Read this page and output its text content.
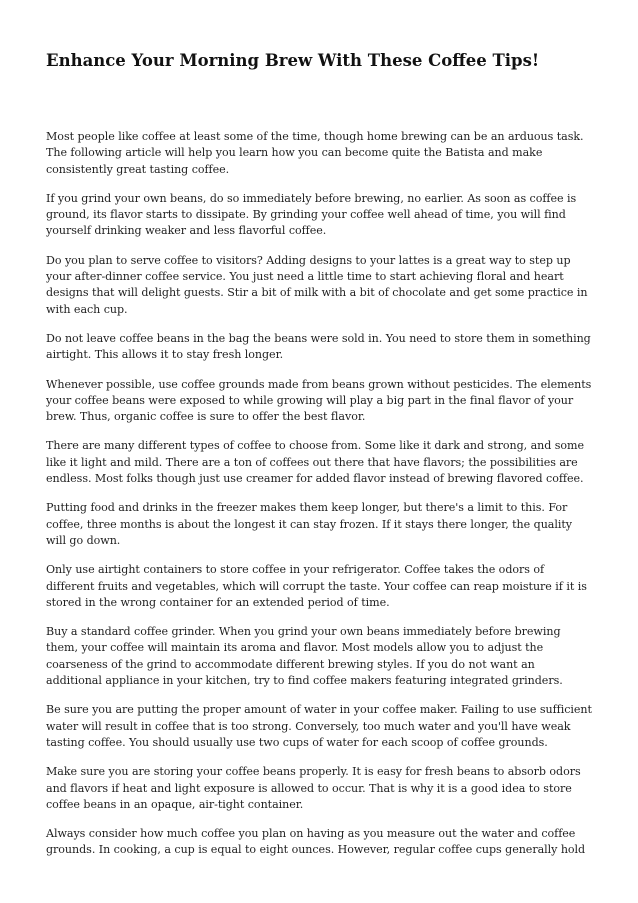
Enhance Your Morning Brew With These Coffee Tips!

Most people like coffee at least some of the time, though home brewing can be an arduous task. The following article will help you learn how you can become quite the Batista and make consistently great tasting coffee.

If you grind your own beans, do so immediately before brewing, no earlier. As soon as coffee is ground, its flavor starts to dissipate. By grinding your coffee well ahead of time, you will find yourself drinking weaker and less flavorful coffee.

Do you plan to serve coffee to visitors? Adding designs to your lattes is a great way to step up your after-dinner coffee service. You just need a little time to start achieving floral and heart designs that will delight guests. Stir a bit of milk with a bit of chocolate and get some practice in with each cup.

Do not leave coffee beans in the bag the beans were sold in. You need to store them in something airtight. This allows it to stay fresh longer.

Whenever possible, use coffee grounds made from beans grown without pesticides. The elements your coffee beans were exposed to while growing will play a big part in the final flavor of your brew. Thus, organic coffee is sure to offer the best flavor.

There are many different types of coffee to choose from. Some like it dark and strong, and some like it light and mild. There are a ton of coffees out there that have flavors; the possibilities are endless. Most folks though just use creamer for added flavor instead of brewing flavored coffee.

Putting food and drinks in the freezer makes them keep longer, but there's a limit to this. For coffee, three months is about the longest it can stay frozen. If it stays there longer, the quality will go down.

Only use airtight containers to store coffee in your refrigerator. Coffee takes the odors of different fruits and vegetables, which will corrupt the taste. Your coffee can reap moisture if it is stored in the wrong container for an extended period of time.

Buy a standard coffee grinder. When you grind your own beans immediately before brewing them, your coffee will maintain its aroma and flavor. Most models allow you to adjust the coarseness of the grind to accommodate different brewing styles. If you do not want an additional appliance in your kitchen, try to find coffee makers featuring integrated grinders.

Be sure you are putting the proper amount of water in your coffee maker. Failing to use sufficient water will result in coffee that is too strong. Conversely, too much water and you'll have weak tasting coffee. You should usually use two cups of water for each scoop of coffee grounds.

Make sure you are storing your coffee beans properly. It is easy for fresh beans to absorb odors and flavors if heat and light exposure is allowed to occur. That is why it is a good idea to store coffee beans in an opaque, air-tight container.

Always consider how much coffee you plan on having as you measure out the water and coffee grounds. In cooking, a cup is equal to eight ounces. However, regular coffee cups generally hold
